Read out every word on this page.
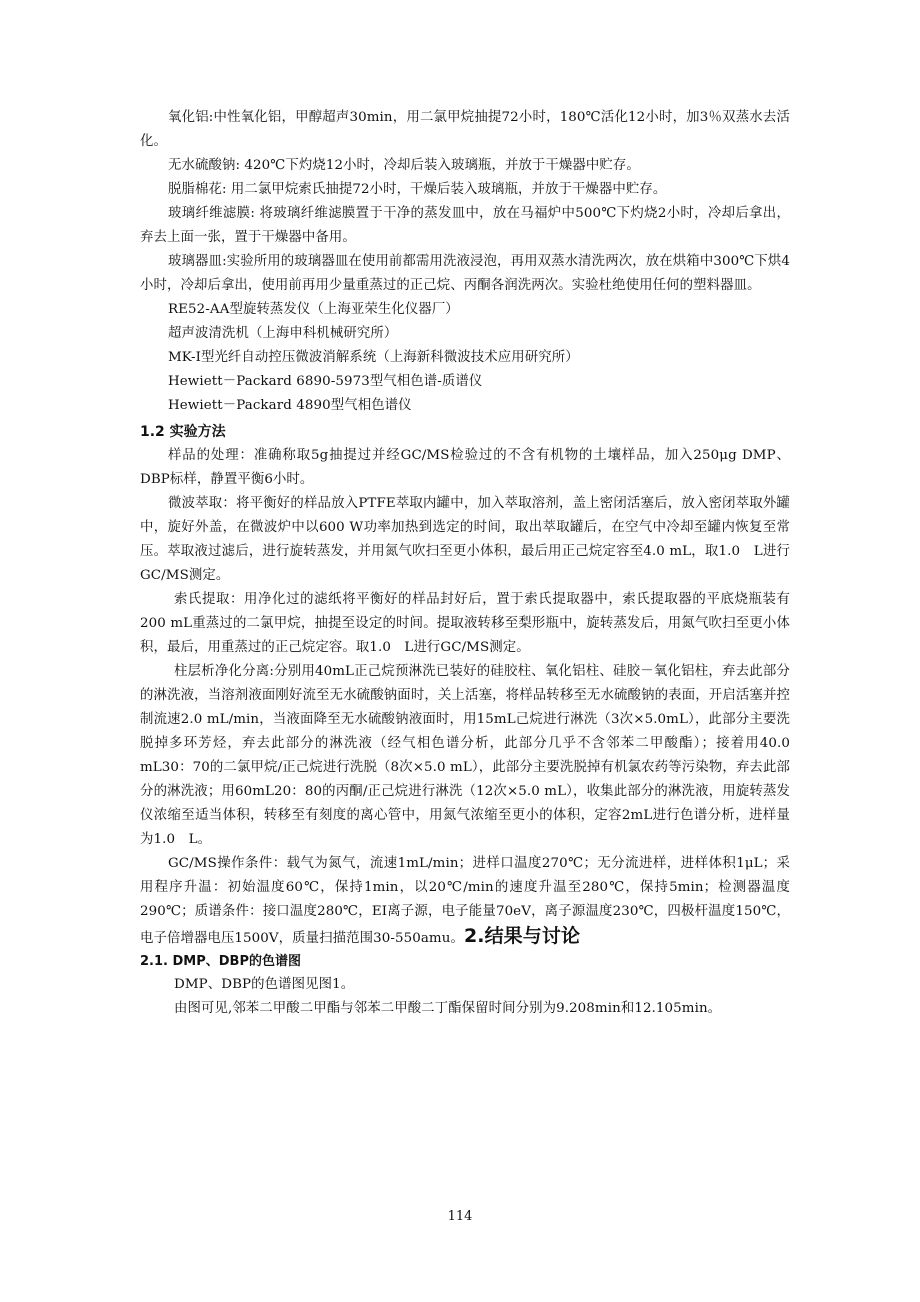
氧化铝:中性氧化铝，甲醇超声30min，用二氯甲烷抽提72小时，180℃活化12小时，加3％双蒸水去活化。

无水硫酸钠: 420℃下灼烧12小时，冷却后装入玻璃瓶，并放于干燥器中贮存。

脱脂棉花: 用二氯甲烷索氏抽提72小时，干燥后装入玻璃瓶，并放于干燥器中贮存。

玻璃纤维滤膜: 将玻璃纤维滤膜置于干净的蒸发皿中，放在马福炉中500℃下灼烧2小时，冷却后拿出，弃去上面一张，置于干燥器中备用。

玻璃器皿:实验所用的玻璃器皿在使用前都需用洗液浸泡，再用双蒸水清洗两次，放在烘箱中300℃下烘4小时，冷却后拿出，使用前再用少量重蒸过的正己烷、丙酮各润洗两次。实验杜绝使用任何的塑料器皿。

RE52-AA型旋转蒸发仪（上海亚荣生化仪器厂）

超声波清洗机（上海申科机械研究所）

MK-I型光纤自动控压微波消解系统（上海新科微波技术应用研究所）

Hewiett－Packard 6890-5973型气相色谱-质谱仪

Hewiett－Packard 4890型气相色谱仪

1.2 实验方法

样品的处理：准确称取5g抽提过并经GC/MS检验过的不含有机物的土壤样品，加入250μg DMP、DBP标样，静置平衡6小时。

微波萃取：将平衡好的样品放入PTFE萃取内罐中，加入萃取溶剂，盖上密闭活塞后，放入密闭萃取外罐中，旋好外盖，在微波炉中以600 W功率加热到选定的时间，取出萃取罐后，在空气中冷却至罐内恢复至常压。萃取液过滤后，进行旋转蒸发，并用氮气吹扫至更小体积，最后用正己烷定容至4.0 mL，取1.0　L进行GC/MS测定。

索氏提取：用净化过的滤纸将平衡好的样品封好后，置于索氏提取器中，索氏提取器的平底烧瓶装有200 mL重蒸过的二氯甲烷，抽提至设定的时间。提取液转移至梨形瓶中，旋转蒸发后，用氮气吹扫至更小体积，最后，用重蒸过的正己烷定容。取1.0　L进行GC/MS测定。

柱层析净化分离:分别用40mL正己烷预淋洗已装好的硅胶柱、氧化铝柱、硅胶－氧化铝柱，弃去此部分的淋洗液，当溶剂液面刚好流至无水硫酸钠面时，关上活塞，将样品转移至无水硫酸钠的表面，开启活塞并控制流速2.0 mL/min，当液面降至无水硫酸钠液面时，用15mL己烷进行淋洗（3次×5.0mL），此部分主要洗脱掉多环芳烃，弃去此部分的淋洗液（经气相色谱分析，此部分几乎不含邻苯二甲酸酯）；接着用40.0 mL30：70的二氯甲烷/正己烷进行洗脱（8次×5.0 mL），此部分主要洗脱掉有机氯农药等污染物，弃去此部分的淋洗液；用60mL20：80的丙酮/正己烷进行淋洗（12次×5.0 mL），收集此部分的淋洗液，用旋转蒸发仪浓缩至适当体积，转移至有刻度的离心管中，用氮气浓缩至更小的体积，定容2mL进行色谱分析，进样量为1.0　L。

GC/MS操作条件：载气为氮气，流速1mL/min；进样口温度270℃；无分流进样，进样体积1μL；采用程序升温：初始温度60℃，保持1min，以20℃/min的速度升温至280℃，保持5min；检测器温度290℃；质谱条件：接口温度280℃，EI离子源，电子能量70eV，离子源温度230℃，四极杆温度150℃，电子倍增器电压1500V，质量扫描范围30-550amu。2.结果与讨论

2.1. DMP、DBP的色谱图

DMP、DBP的色谱图见图1。

由图可见,邻苯二甲酸二甲酯与邻苯二甲酸二丁酯保留时间分别为9.208min和12.105min。

114
